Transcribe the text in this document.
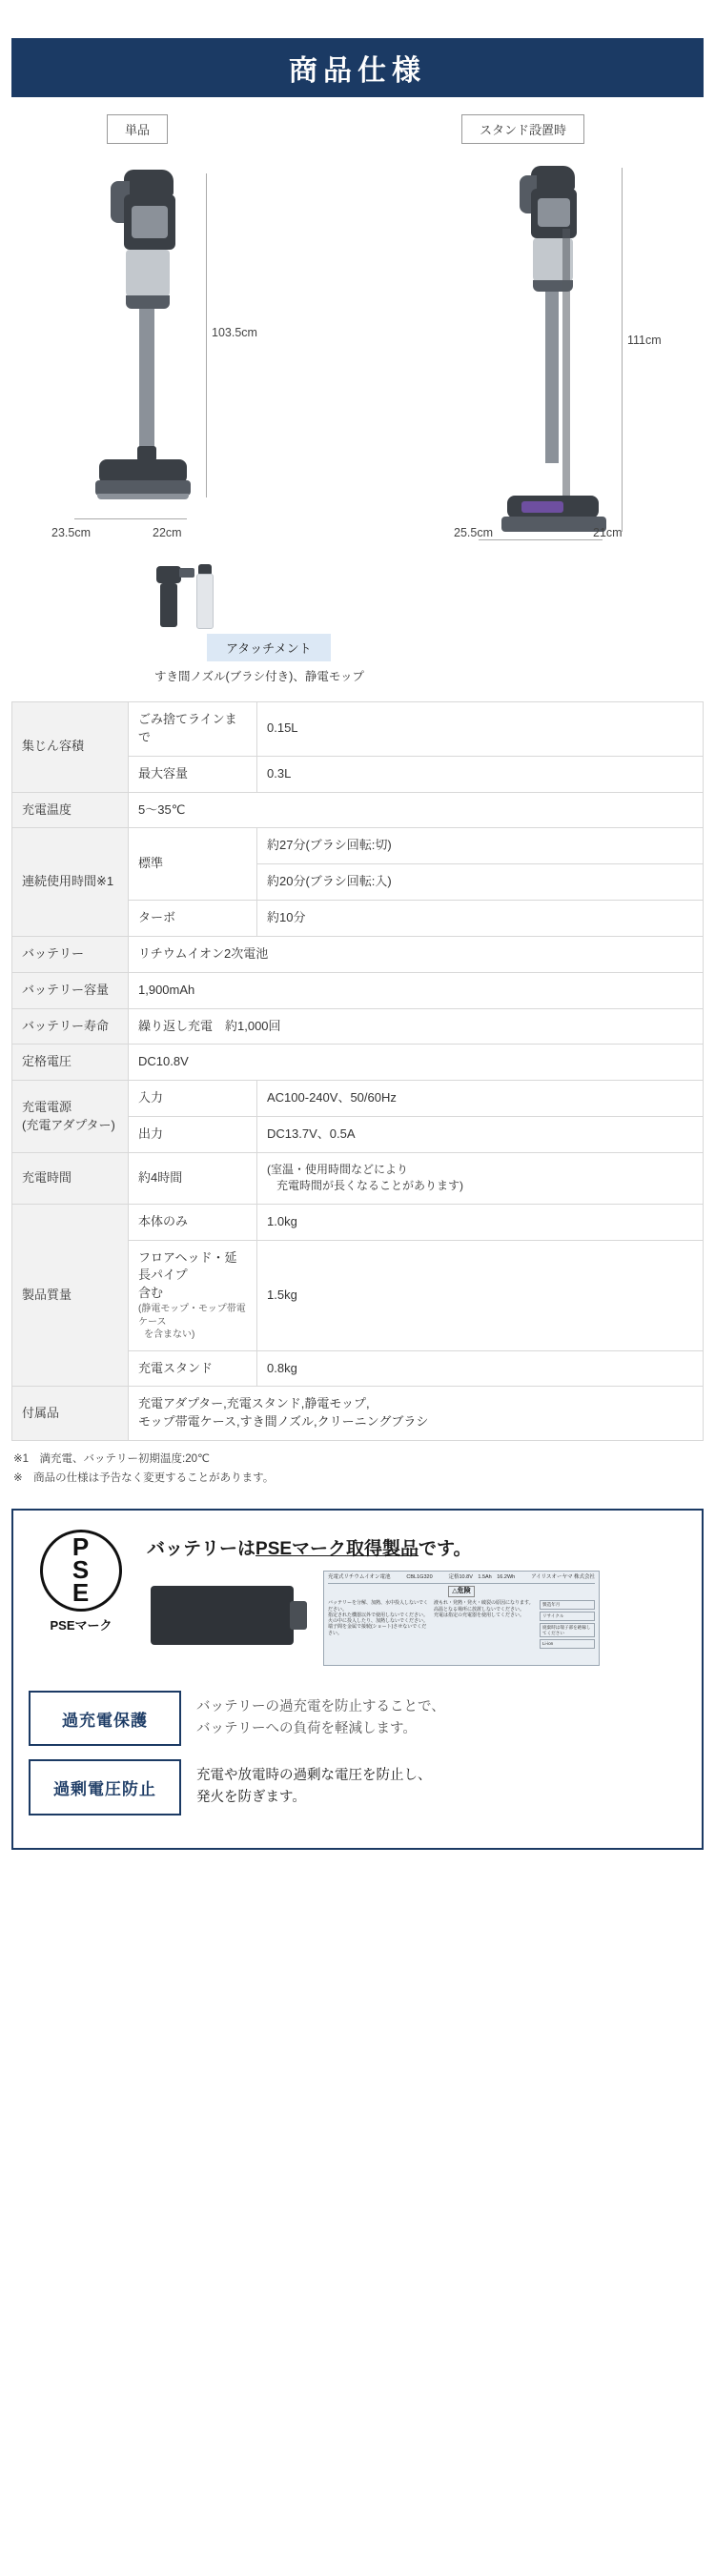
商品仕様
単品	スタンド設置時
103.5cm
23.5cm	22cm
111cm
25.5cm	21cm
アタッチメント
すき間ノズル(ブラシ付き)、静電モップ
集じん容積	ごみ捨てラインまで	0.15L
	最大容量	0.3L
充電温度	5〜35℃	
連続使用時間※1	標準	約27分(ブラシ回転:切)
		約20分(ブラシ回転:入)
	ターボ	約10分
バッテリー	リチウムイオン2次電池	
バッテリー容量	1,900mAh	
バッテリー寿命	繰り返し充電　約1,000回	
定格電圧	DC10.8V	
充電電源
(充電アダプター)	入力	AC100-240V、50/60Hz
	出力	DC13.7V、0.5A
充電時間	約4時間	(室温・使用時間などにより
充電時間が長くなることがあります)
製品質量	本体のみ	1.0kg
	フロアヘッド・延長パイプ
含む
(静電モップ・モップ帯電ケース
を含まない)	1.5kg
	充電スタンド	0.8kg
付属品	充電アダプター,充電スタンド,静電モップ,
モップ帯電ケース,すき間ノズル,クリーニングブラシ	
※1　満充電、バッテリー初期温度:20℃
※　商品の仕様は予告なく変更することがあります。
P
S
E
PSEマーク
バッテリーはPSEマーク取得製品です。
充電式リチウムイオン電池	CBL1G320	定格10.8V　1.5Ah　16.2Wh	アイリスオーヤマ 株式会社
△危険
バッテリーを分解、加熱、水中投入しないでください。
指定された機器以外で使用しないでください。
火の中に投入したり、加熱しないでください。
端子間を金属で接続(ショート)させないでください。
液もれ・発熱・発火・破裂の原因になります。
高温となる場所に放置しないでください。
充電は指定の充電器を使用してください。
製造年月
リサイクル
廃棄時は端子部を絶縁してください
Li-ion
過充電保護
バッテリーの過充電を防止することで、
バッテリーへの負荷を軽減します。
過剰電圧防止
充電や放電時の過剰な電圧を防止し、
発火を防ぎます。
